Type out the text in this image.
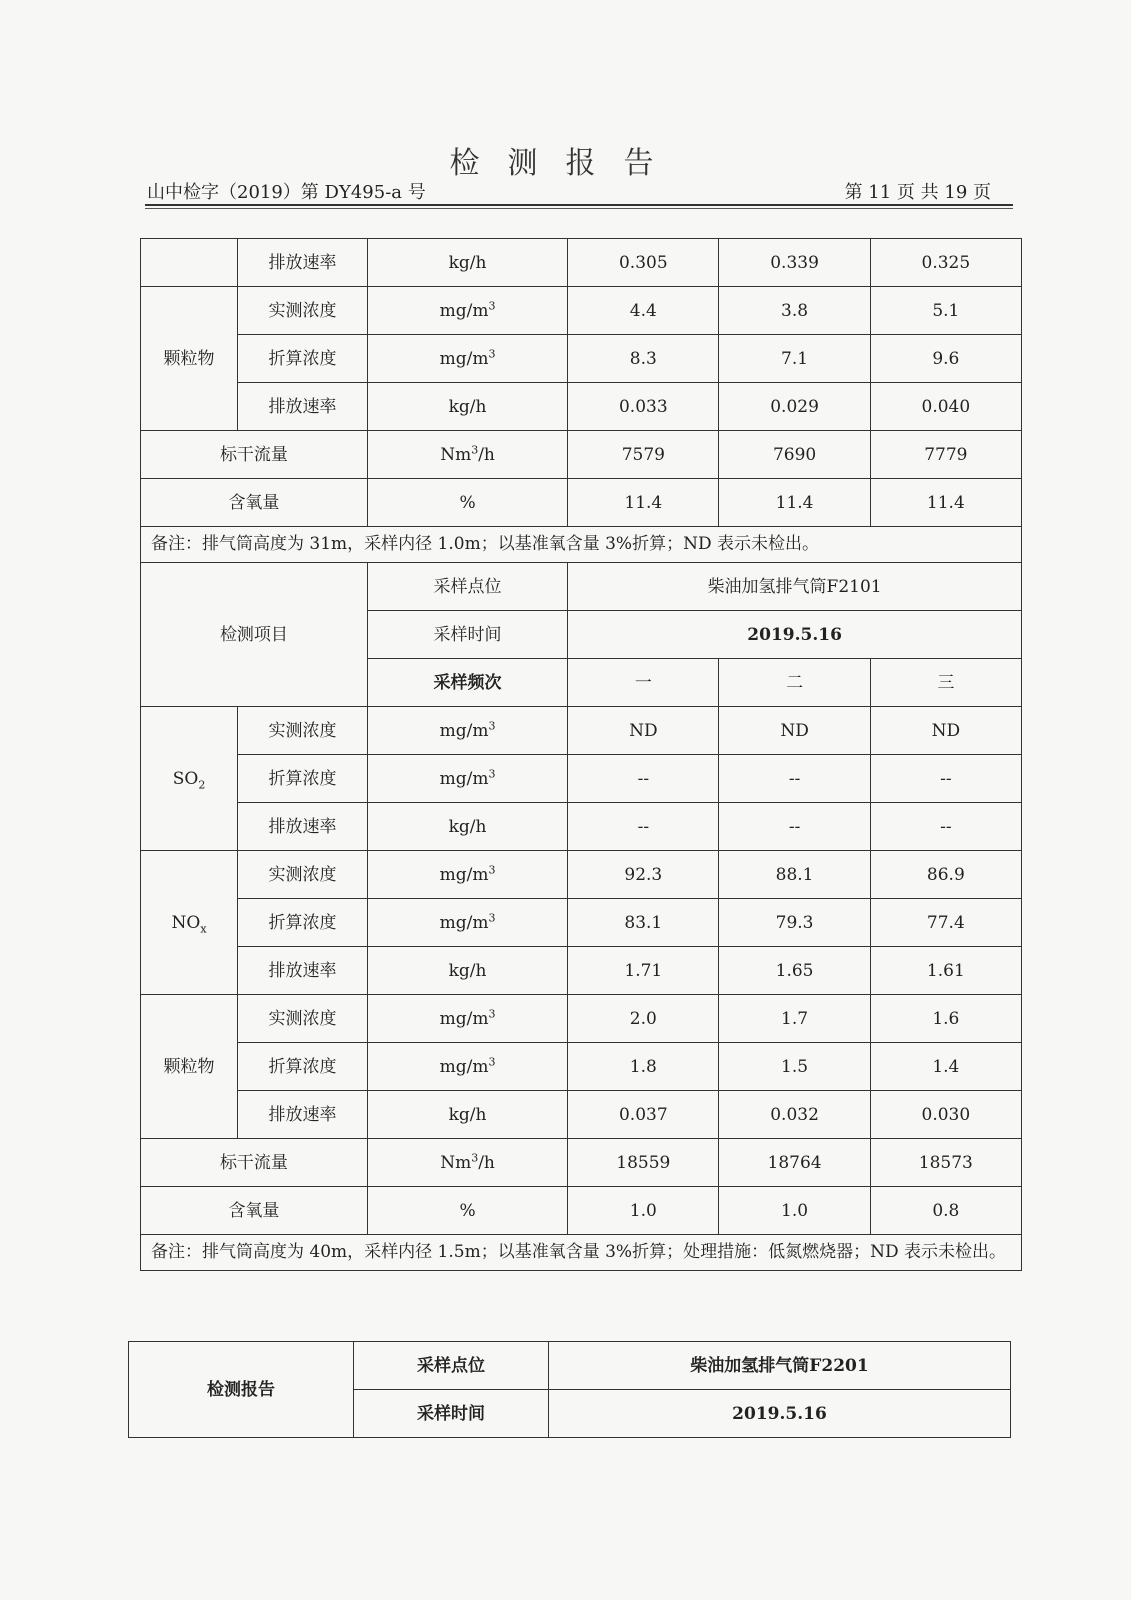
检测报告
山中检字（2019）第 DY495-a 号	第 11 页 共 19 页
	排放速率	kg/h	0.305	0.339	0.325
颗粒物	实测浓度	$mg/m^3$	4.4	3.8	5.1
	折算浓度	$mg/m^3$	8.3	7.1	9.6
	排放速率	kg/h	0.033	0.029	0.040
标干流量		Nm$^3$/h	7579	7690	7779
含氧量		%	11.4	11.4	11.4
备注：排气筒高度为 31m，采样内径 1.0m；以基准氧含量 3%折算；ND 表示未检出。					
检测项目		采样点位	柴油加氢排气筒F2101		
		采样时间	2019.5.16		
		采样频次	一	二	三
$SO_2$	实测浓度	$mg/m^3$	ND	ND	ND
	折算浓度	$mg/m^3$	--	--	--
	排放速率	kg/h	--	--	--
$NO_x$	实测浓度	$mg/m^3$	92.3	88.1	86.9
	折算浓度	$mg/m^3$	83.1	79.3	77.4
	排放速率	kg/h	1.71	1.65	1.61
颗粒物	实测浓度	$mg/m^3$	2.0	1.7	1.6
	折算浓度	$mg/m^3$	1.8	1.5	1.4
	排放速率	kg/h	0.037	0.032	0.030
标干流量		Nm$^3$/h	18559	18764	18573
含氧量		%	1.0	1.0	0.8
备注：排气筒高度为 40m，采样内径 1.5m；以基准氧含量 3%折算；处理措施：低氮燃烧器；ND 表示未检出。					
检测报告	采样点位	柴油加氢排气筒F2201
	采样时间	2019.5.16
